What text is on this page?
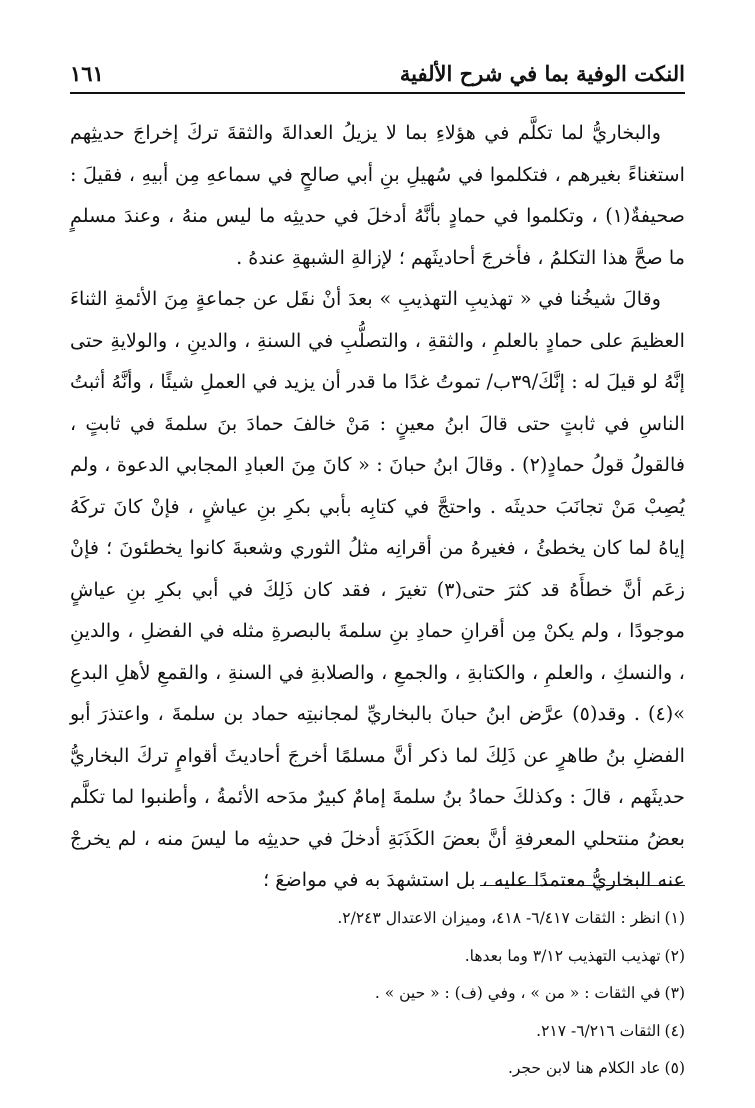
النكت الوفية بما في شرح الألفية
١٦١

والبخاريُّ لما تكلَّم في هؤلاءِ بما لا يزيلُ العدالةَ والثقةَ تركَ إخراجَ حديثِهم استغناءً بغيرهم ، فتكلموا في سُهيلِ بنِ أبي صالحٍ في سماعهِ مِن أبيهِ ، فقيلَ : صحيفةٌ(١) ، وتكلموا في حمادٍ بأنَّهُ أدخلَ في حديثِه ما ليس منهُ ، وعندَ مسلمٍ ما صحَّ هذا التكلمُ ، فأخرجَ أحاديثَهم ؛ لإزالةِ الشبهةِ عندهُ .

وقالَ شيخُنا في « تهذيبِ التهذيبِ » بعدَ أنْ نقَل عن جماعةٍ مِنَ الأئمةِ الثناءَ العظيمَ على حمادٍ بالعلمِ ، والثقةِ ، والتصلُّبِ في السنةِ ، والدينِ ، والولايةِ حتى إنَّهُ لو قيلَ له : إنَّكَ/٣٩ب/ تموتُ غدًا ما قدر أن يزيد في العملِ شيئًا ، وأنَّهُ أثبتُ الناسِ في ثابتٍ حتى قالَ ابنُ معينٍ : مَنْ خالفَ حمادَ بنَ سلمةَ في ثابتٍ ، فالقولُ قولُ حمادٍ(٢) . وقالَ ابنُ حبانَ : « كانَ مِنَ العبادِ المجابي الدعوة ، ولم يُصِبْ مَنْ تجانَبَ حديثَه . واحتجَّ في كتابِه بأبي بكرِ بنِ عياشٍ ، فإنْ كانَ تركَهُ إياهُ لما كان يخطئُ ، فغيرهُ من أقرانِه مثلُ الثوري وشعبةَ كانوا يخطئونَ ؛ فإنْ زعَم أنَّ خطأَهُ قد كثرَ حتى(٣) تغيرَ ، فقد كان ذَلِكَ في أبي بكرِ بنِ عياشٍ موجودًا ، ولم يكنْ مِن أقرانِ حمادِ بنِ سلمةَ بالبصرةِ مثله في الفضلِ ، والدينِ ، والنسكِ ، والعلمِ ، والكتابةِ ، والجمعِ ، والصلابةِ في السنةِ ، والقمعِ لأهلِ البدعِ »(٤) . وقد(٥) عرَّض ابنُ حبانَ بالبخاريِّ لمجانبتِه حماد بن سلمةَ ، واعتذرَ أبو الفضلِ بنُ طاهرٍ عن ذَلِكَ لما ذكر أنَّ مسلمًا أخرجَ أحاديثَ أقوامٍ تركَ البخاريُّ حديثَهم ، قالَ : وكذلكَ حمادُ بنُ سلمةَ إمامٌ كبيرٌ مدَحه الأئمةُ ، وأطنبوا لما تكلَّم بعضُ منتحلي المعرفةِ أنَّ بعضَ الكَذَبَةِ أدخلَ في حديثِه ما ليسَ منه ، لم يخرجْ عنه البخاريُّ معتمدًا عليه ، بل استشهدَ به في مواضعَ ؛

(١)انظر : الثقات ٦/٤١٧- ٤١٨، وميزان الاعتدال ٢/٢٤٣.

(٢)تهذيب التهذيب ٣/١٢ وما بعدها.

(٣)في الثقات : « من » ، وفي (ف) : « حين » .

(٤)الثقات ٦/٢١٦- ٢١٧.

(٥)عاد الكلام هنا لابن حجر.
